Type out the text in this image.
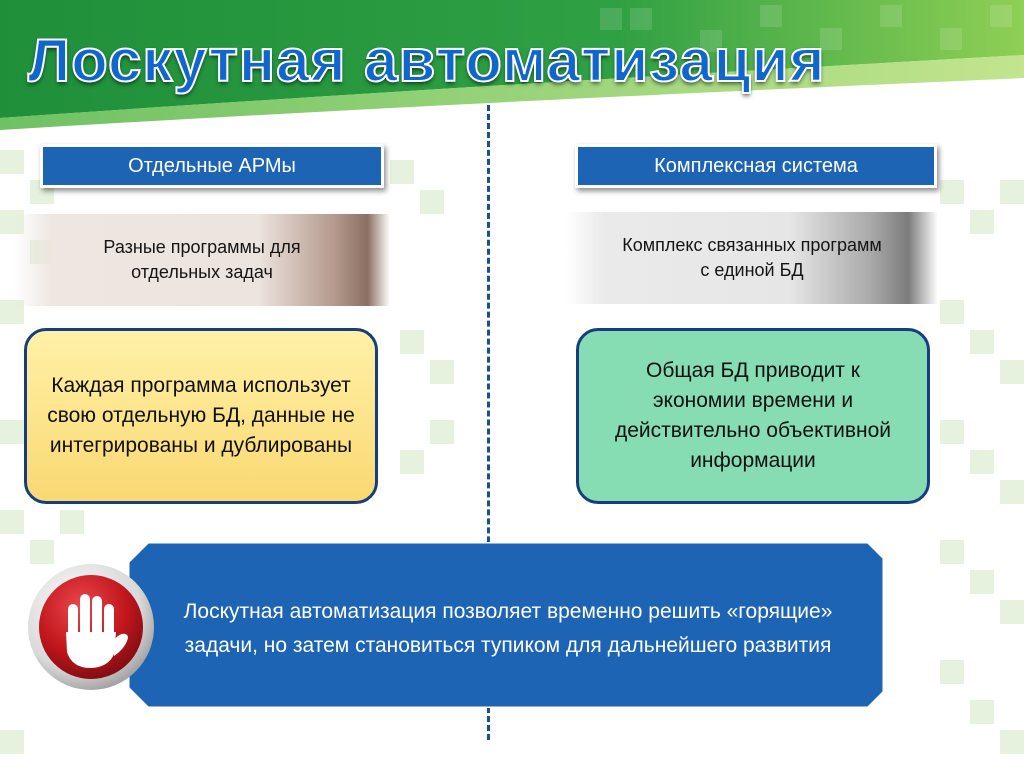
Лоскутная автоматизация
Отдельные АРМы
Разные программы для отдельных задач
Каждая программа использует свою отдельную БД, данные не интегрированы и дублированы
Комплексная система
Комплекс связанных программ с единой БД
Общая БД приводит к экономии времени и действительно объективной информации
Лоскутная автоматизация позволяет временно решить «горящие» задачи, но затем становиться тупиком для дальнейшего развития
